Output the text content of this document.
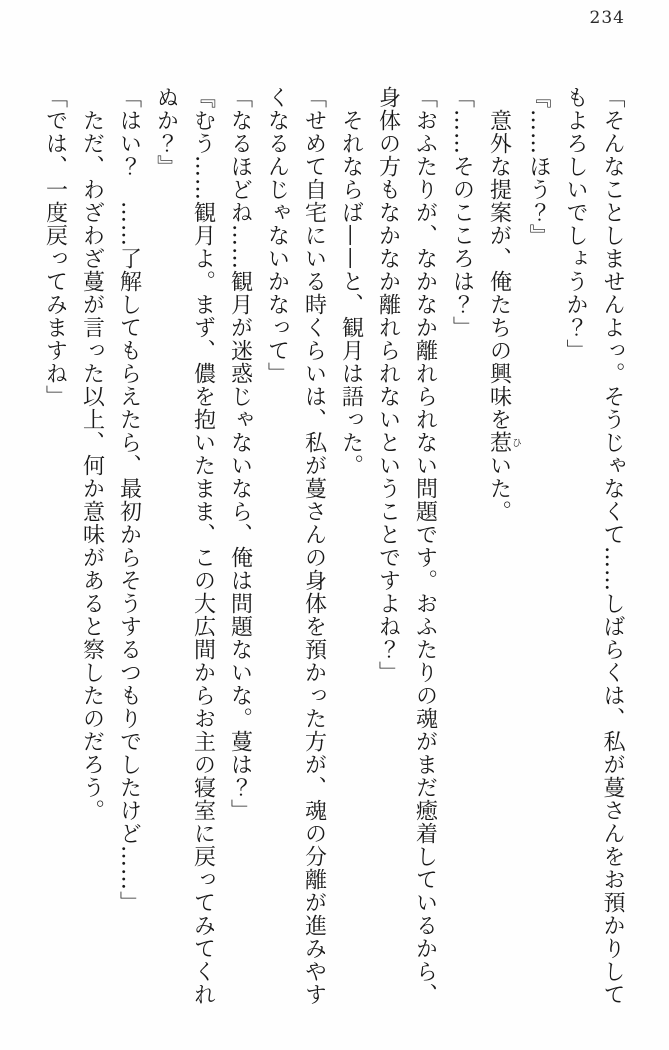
234
「そんなことしませんよっ。そうじゃなくて……しばらくは、私が蔓さんをお預かりして
もよろしいでしょうか？」
『……ほう？』
意外な提案が、俺たちの興味を惹ひいた。
「……そのこころは？」
「おふたりが、なかなか離れられない問題です。おふたりの魂がまだ癒着しているから、
身体の方もなかなか離れられないということですよね？」
それならば——と、観月は語った。
「せめて自宅にいる時くらいは、私が蔓さんの身体を預かった方が、魂の分離が進みやす
くなるんじゃないかなって」
「なるほどね……観月が迷惑じゃないなら、俺は問題ないな。蔓は？」
『むう……観月よ。まず、儂を抱いたまま、この大広間からお主の寝室に戻ってみてくれ
ぬか？』
「はい？　……了解してもらえたら、最初からそうするつもりでしたけど……」
ただ、わざわざ蔓が言った以上、何か意味があると察したのだろう。
「では、一度戻ってみますね」
